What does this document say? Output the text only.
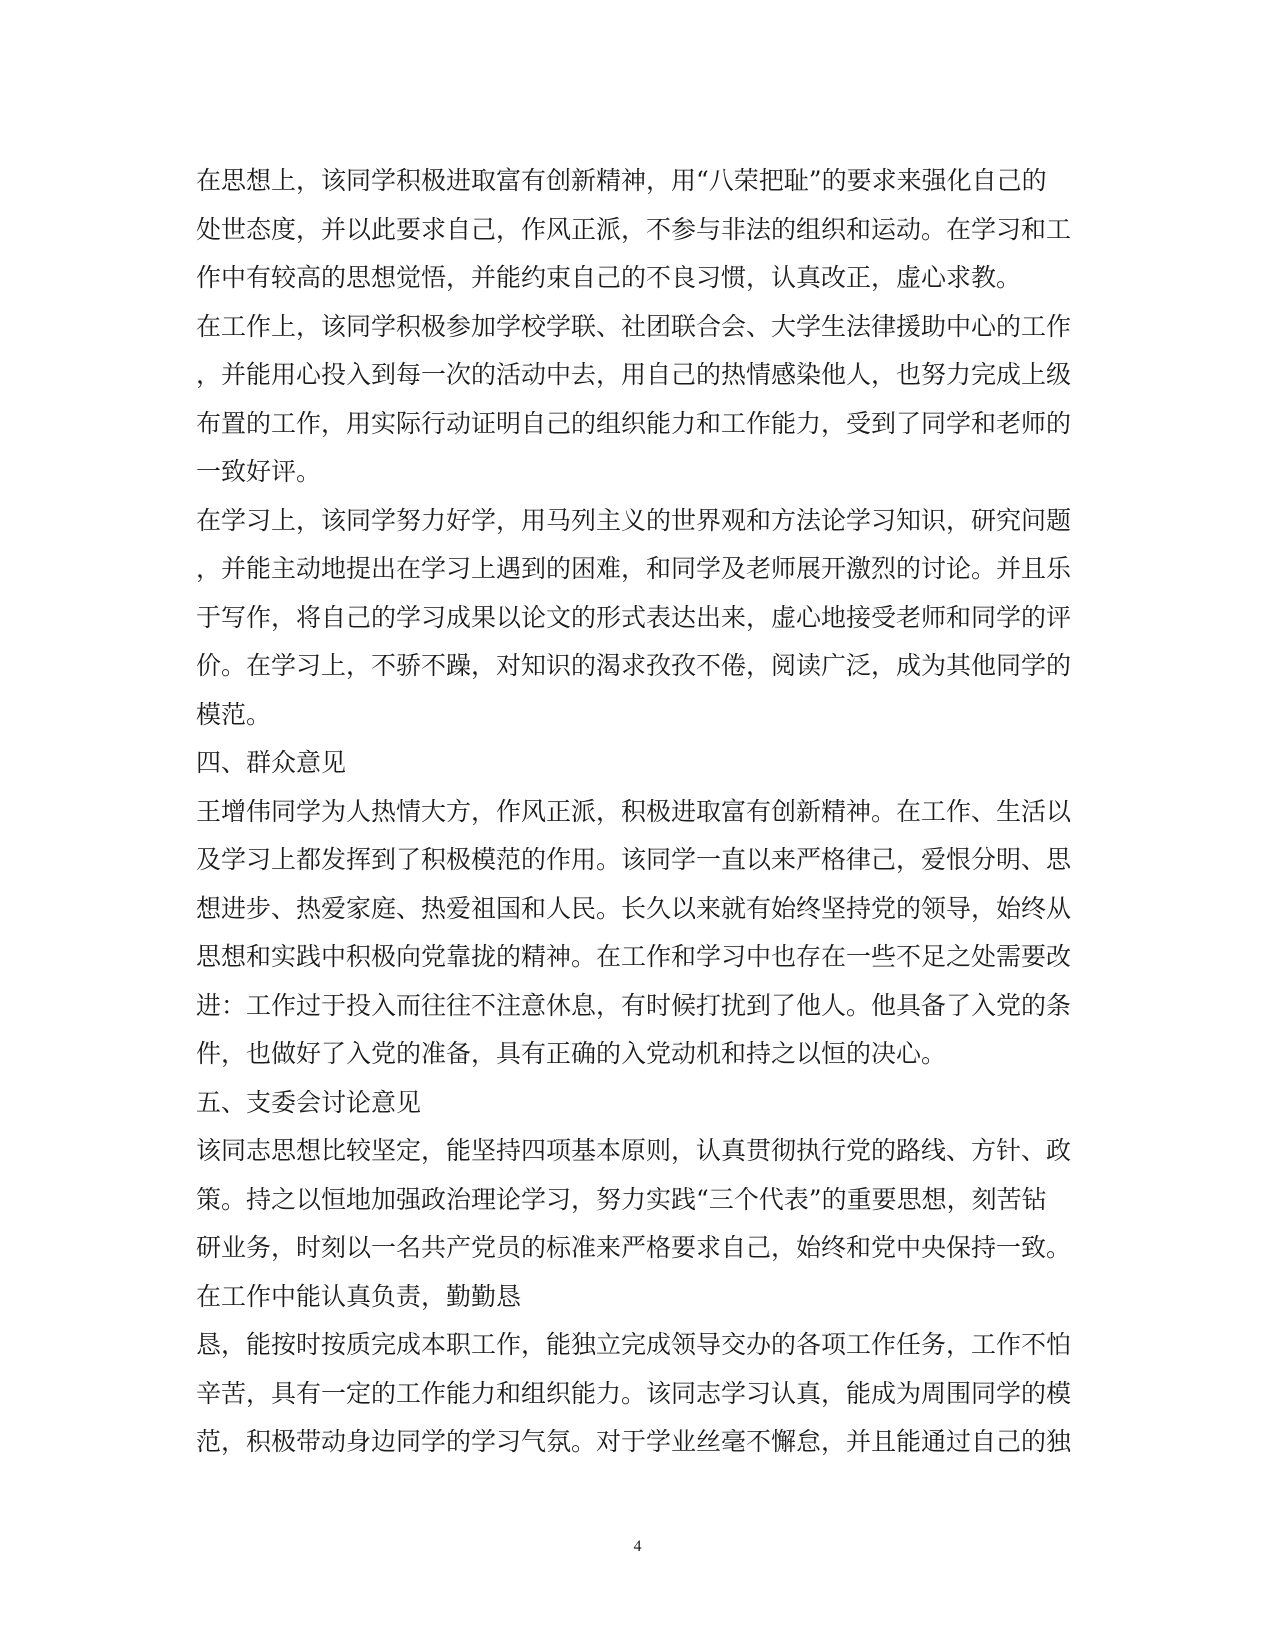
在思想上，该同学积极进取富有创新精神，用“八荣把耻”的要求来强化自己的
处世态度，并以此要求自己，作风正派，不参与非法的组织和运动。在学习和工
作中有较高的思想觉悟，并能约束自己的不良习惯，认真改正，虚心求教。
在工作上，该同学积极参加学校学联、社团联合会、大学生法律援助中心的工作
，并能用心投入到每一次的活动中去，用自己的热情感染他人，也努力完成上级
布置的工作，用实际行动证明自己的组织能力和工作能力，受到了同学和老师的
一致好评。
在学习上，该同学努力好学，用马列主义的世界观和方法论学习知识，研究问题
，并能主动地提出在学习上遇到的困难，和同学及老师展开激烈的讨论。并且乐
于写作，将自己的学习成果以论文的形式表达出来，虚心地接受老师和同学的评
价。在学习上，不骄不躁，对知识的渴求孜孜不倦，阅读广泛，成为其他同学的
模范。
四、群众意见
王增伟同学为人热情大方，作风正派，积极进取富有创新精神。在工作、生活以
及学习上都发挥到了积极模范的作用。该同学一直以来严格律己，爱恨分明、思
想进步、热爱家庭、热爱祖国和人民。长久以来就有始终坚持党的领导，始终从
思想和实践中积极向党靠拢的精神。在工作和学习中也存在一些不足之处需要改
进：工作过于投入而往往不注意休息，有时候打扰到了他人。他具备了入党的条
件，也做好了入党的准备，具有正确的入党动机和持之以恒的决心。
五、支委会讨论意见
该同志思想比较坚定，能坚持四项基本原则，认真贯彻执行党的路线、方针、政
策。持之以恒地加强政治理论学习，努力实践“三个代表”的重要思想，刻苦钻
研业务，时刻以一名共产党员的标准来严格要求自己，始终和党中央保持一致。
在工作中能认真负责，勤勤恳
恳，能按时按质完成本职工作，能独立完成领导交办的各项工作任务，工作不怕
辛苦，具有一定的工作能力和组织能力。该同志学习认真，能成为周围同学的模
范，积极带动身边同学的学习气氛。对于学业丝毫不懈怠，并且能通过自己的独
4
